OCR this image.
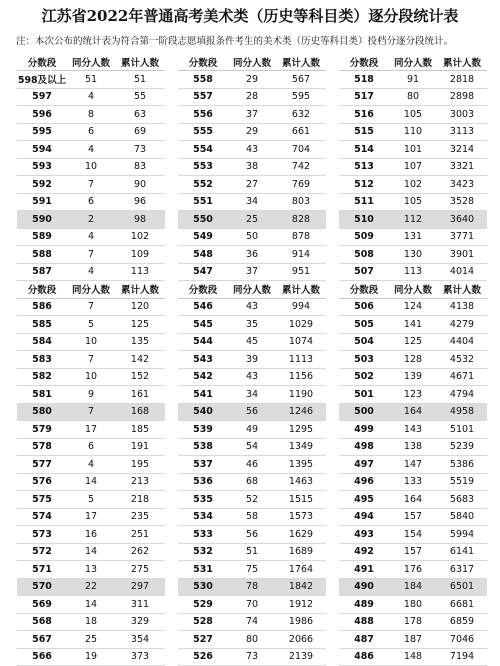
江苏省2022年普通高考美术类（历史等科目类）逐分段统计表
注：本次公布的统计表为符合第一阶段志愿填报条件考生的美术类（历史等科目类）投档分逐分段统计。
分数段	同分人数	累计人数
598及以上	51	51
597	4	55
596	8	63
595	6	69
594	4	73
593	10	83
592	7	90
591	6	96
590	2	98
589	4	102
588	7	109
587	4	113
分数段	同分人数	累计人数
586	7	120
585	5	125
584	10	135
583	7	142
582	10	152
581	9	161
580	7	168
579	17	185
578	6	191
577	4	195
576	14	213
575	5	218
574	17	235
573	16	251
572	14	262
571	13	275
570	22	297
569	14	311
568	18	329
567	25	354
566	19	373
分数段	同分人数	累计人数
558	29	567
557	28	595
556	37	632
555	29	661
554	43	704
553	38	742
552	27	769
551	34	803
550	25	828
549	50	878
548	36	914
547	37	951
分数段	同分人数	累计人数
546	43	994
545	35	1029
544	45	1074
543	39	1113
542	43	1156
541	34	1190
540	56	1246
539	49	1295
538	54	1349
537	46	1395
536	68	1463
535	52	1515
534	58	1573
533	56	1629
532	51	1689
531	75	1764
530	78	1842
529	70	1912
528	74	1986
527	80	2066
526	73	2139
分数段	同分人数	累计人数
518	91	2818
517	80	2898
516	105	3003
515	110	3113
514	101	3214
513	107	3321
512	102	3423
511	105	3528
510	112	3640
509	131	3771
508	130	3901
507	113	4014
分数段	同分人数	累计人数
506	124	4138
505	141	4279
504	125	4404
503	128	4532
502	139	4671
501	123	4794
500	164	4958
499	143	5101
498	138	5239
497	147	5386
496	133	5519
495	164	5683
494	157	5840
493	154	5994
492	157	6141
491	176	6317
490	184	6501
489	180	6681
488	178	6859
487	187	7046
486	148	7194
